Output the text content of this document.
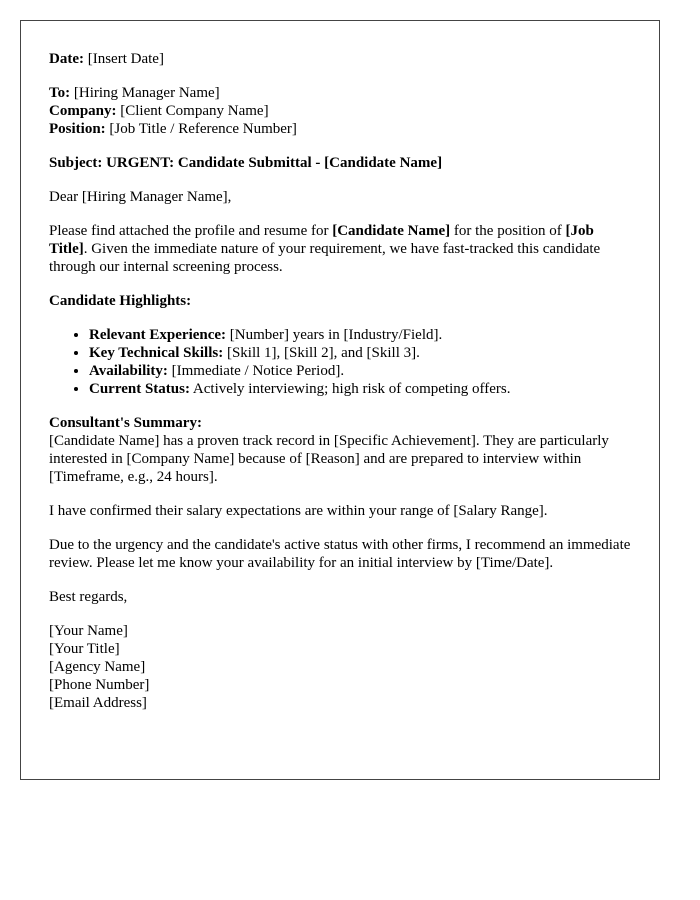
Date: [Insert Date]

To: [Hiring Manager Name]
Company: [Client Company Name]
Position: [Job Title / Reference Number]

Subject: URGENT: Candidate Submittal - [Candidate Name]

Dear [Hiring Manager Name],

Please find attached the profile and resume for [Candidate Name] for the position of [Job Title]. Given the immediate nature of your requirement, we have fast-tracked this candidate through our internal screening process.

Candidate Highlights:

• Relevant Experience: [Number] years in [Industry/Field].
• Key Technical Skills: [Skill 1], [Skill 2], and [Skill 3].
• Availability: [Immediate / Notice Period].
• Current Status: Actively interviewing; high risk of competing offers.

Consultant's Summary:
[Candidate Name] has a proven track record in [Specific Achievement]. They are particularly interested in [Company Name] because of [Reason] and are prepared to interview within [Timeframe, e.g., 24 hours].

I have confirmed their salary expectations are within your range of [Salary Range].

Due to the urgency and the candidate's active status with other firms, I recommend an immediate review. Please let me know your availability for an initial interview by [Time/Date].

Best regards,

[Your Name]
[Your Title]
[Agency Name]
[Phone Number]
[Email Address]
